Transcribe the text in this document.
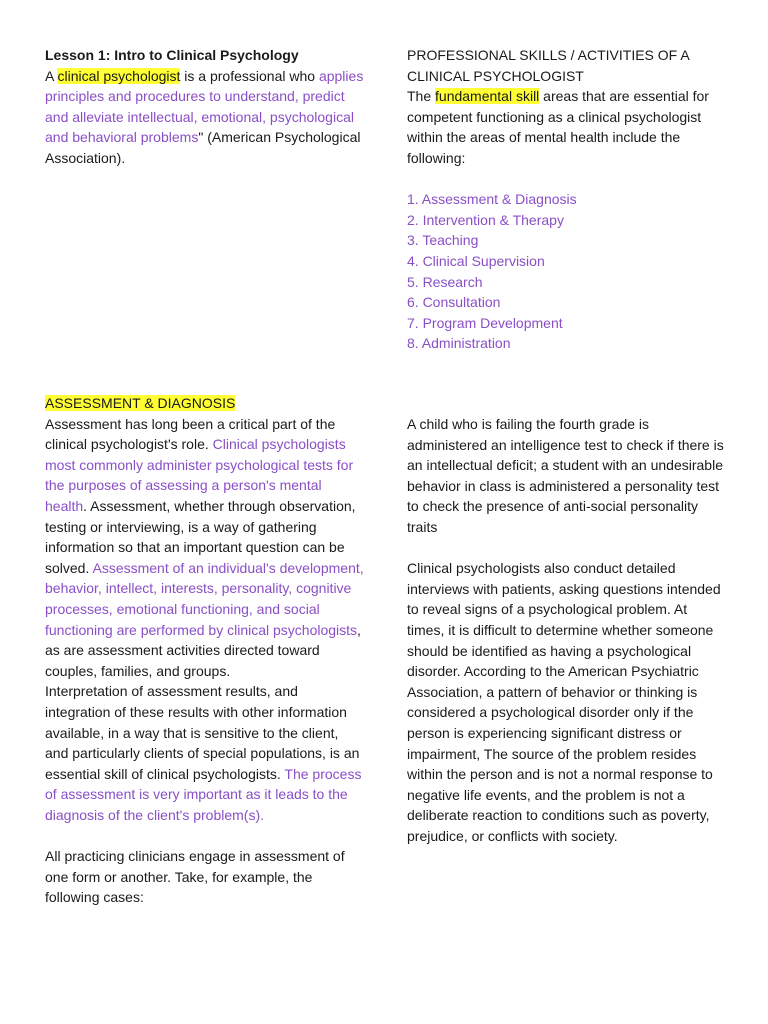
Lesson 1: Intro to Clinical Psychology

A clinical psychologist is a professional who applies principles and procedures to understand, predict and alleviate intellectual, emotional, psychological and behavioral problems" (American Psychological Association).

PROFESSIONAL SKILLS / ACTIVITIES OF A CLINICAL PSYCHOLOGIST

The fundamental skill areas that are essential for competent functioning as a clinical psychologist within the areas of mental health include the following:

1. Assessment & Diagnosis
2. Intervention & Therapy
3. Teaching
4. Clinical Supervision
5. Research
6. Consultation
7. Program Development
8. Administration

ASSESSMENT & DIAGNOSIS

Assessment has long been a critical part of the clinical psychologist's role. Clinical psychologists most commonly administer psychological tests for the purposes of assessing a person's mental health. Assessment, whether through observation, testing or interviewing, is a way of gathering information so that an important question can be solved. Assessment of an individual's development, behavior, intellect, interests, personality, cognitive processes, emotional functioning, and social functioning are performed by clinical psychologists, as are assessment activities directed toward couples, families, and groups.

Interpretation of assessment results, and integration of these results with other information available, in a way that is sensitive to the client, and particularly clients of special populations, is an essential skill of clinical psychologists. The process of assessment is very important as it leads to the diagnosis of the client's problem(s).

All practicing clinicians engage in assessment of one form or another. Take, for example, the following cases:

A child who is failing the fourth grade is administered an intelligence test to check if there is an intellectual deficit; a student with an undesirable behavior in class is administered a personality test to check the presence of anti-social personality traits

Clinical psychologists also conduct detailed interviews with patients, asking questions intended to reveal signs of a psychological problem. At times, it is difficult to determine whether someone should be identified as having a psychological disorder. According to the American Psychiatric Association, a pattern of behavior or thinking is considered a psychological disorder only if the person is experiencing significant distress or impairment, The source of the problem resides within the person and is not a normal response to negative life events, and the problem is not a deliberate reaction to conditions such as poverty, prejudice, or conflicts with society.
